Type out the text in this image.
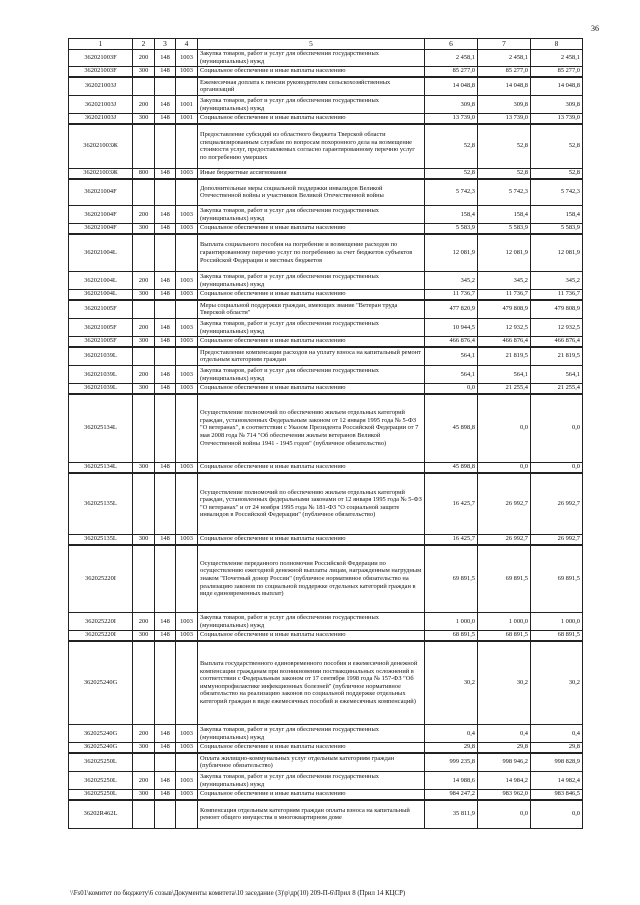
36
1	2	3	4	5	6	7	8
362021003F	200	148	1003	Закупка товаров, работ и услуг для обеспечения государственных (муниципальных) нужд	2 458,1	2 458,1	2 458,1
362021003F	300	148	1003	Социальное обеспечение и иные выплаты населению	85 277,0	85 277,0	85 277,0
362021003J				Ежемесячная доплата к пенсии руководителям сельскохозяйственных организаций	14 048,8	14 048,8	14 048,8
362021003J	200	148	1001	Закупка товаров, работ и услуг для обеспечения государственных (муниципальных) нужд	309,8	309,8	309,8
362021003J	300	148	1001	Социальное обеспечение и иные выплаты населению	13 739,0	13 739,0	13 739,0
362021003Ж				Предоставление субсидий из областного бюджета Тверской области специализированным службам по вопросам похоронного дела на возмещение стоимости услуг, предоставляемых согласно гарантированному перечню услуг по погребению умерших	52,8	52,8	52,8
362021003Ж	800	148	1003	Иные бюджетные ассигнования	52,8	52,8	52,8
362021004F				Дополнительные меры социальной поддержки инвалидов Великой Отечественной войны и участников Великой Отечественной войны	5 742,3	5 742,3	5 742,3
362021004F	200	148	1003	Закупка товаров, работ и услуг для обеспечения государственных (муниципальных) нужд	158,4	158,4	158,4
362021004F	300	148	1003	Социальное обеспечение и иные выплаты населению	5 583,9	5 583,9	5 583,9
362021004L				Выплата социального пособия на погребение и возмещение расходов по гарантированному перечню услуг по погребению за счет бюджетов субъектов Российской Федерации и местных бюджетов	12 081,9	12 081,9	12 081,9
362021004L	200	148	1003	Закупка товаров, работ и услуг для обеспечения государственных (муниципальных) нужд	345,2	345,2	345,2
362021004L	300	148	1003	Социальное обеспечение и иные выплаты населению	11 736,7	11 736,7	11 736,7
362021005F				Меры социальной поддержки граждан, имеющих звание "Ветеран труда Тверской области"	477 820,9	479 808,9	479 808,9
362021005F	200	148	1003	Закупка товаров, работ и услуг для обеспечения государственных (муниципальных) нужд	10 944,5	12 932,5	12 932,5
362021005F	300	148	1003	Социальное обеспечение и иные выплаты населению	466 876,4	466 876,4	466 876,4
362021039L				Предоставление компенсации расходов на уплату взноса на капитальный ремонт отдельным категориям граждан	564,1	21 819,5	21 819,5
362021039L	200	148	1003	Закупка товаров, работ и услуг для обеспечения государственных (муниципальных) нужд	564,1	564,1	564,1
362021039L	300	148	1003	Социальное обеспечение и иные выплаты населению	0,0	21 255,4	21 255,4
362025134L				Осуществление полномочий по обеспечению жильем отдельных категорий граждан, установленных Федеральным законом от 12 января 1995 года № 5-ФЗ "О ветеранах", в соответствии с Указом Президента Российской Федерации от 7 мая 2008 года № 714 "Об обеспечении жильем ветеранов Великой Отечественной войны 1941 - 1945 годов" (публичное обязательство)	45 898,8	0,0	0,0
362025134L	300	148	1003	Социальное обеспечение и иные выплаты населению	45 898,8	0,0	0,0
362025135L				Осуществление полномочий по обеспечению жильем отдельных категорий граждан, установленных федеральными законами от 12 января 1995 года № 5-ФЗ "О ветеранах" и от 24 ноября 1995 года № 181-ФЗ "О социальной защите инвалидов в Российской Федерации" (публичное обязательство)	16 425,7	26 992,7	26 992,7
362025135L	300	148	1003	Социальное обеспечение и иные выплаты населению	16 425,7	26 992,7	26 992,7
362025220I				Осуществление переданного полномочия Российской Федерации по осуществлению ежегодной денежной выплаты лицам, награжденным нагрудным знаком "Почетный донор России" (публичное нормативное обязательство на реализацию законов по социальной поддержке отдельных категорий граждан в виде единовременных выплат)	69 891,5	69 891,5	69 891,5
362025220I	200	148	1003	Закупка товаров, работ и услуг для обеспечения государственных (муниципальных) нужд	1 000,0	1 000,0	1 000,0
362025220I	300	148	1003	Социальное обеспечение и иные выплаты населению	68 891,5	68 891,5	68 891,5
362025240G				Выплата государственного единовременного пособия и ежемесячной денежной компенсации гражданам при возникновении поствакцинальных осложнений в соответствии с Федеральным законом от 17 сентября 1998 года № 157-ФЗ "Об иммунопрофилактике инфекционных болезней" (публичное нормативное обязательство на реализацию законов по социальной поддержке отдельных категорий граждан в виде ежемесячных пособий и ежемесячных компенсаций)	30,2	30,2	30,2
362025240G	200	148	1003	Закупка товаров, работ и услуг для обеспечения государственных (муниципальных) нужд	0,4	0,4	0,4
362025240G	300	148	1003	Социальное обеспечение и иные выплаты населению	29,8	29,8	29,8
362025250L				Оплата жилищно-коммунальных услуг отдельным категориям граждан (публичное обязательство)	999 235,8	998 946,2	998 828,9
362025250L	200	148	1003	Закупка товаров, работ и услуг для обеспечения государственных (муниципальных) нужд	14 988,6	14 984,2	14 982,4
362025250L	300	148	1003	Социальное обеспечение и иные выплаты населению	984 247,2	983 962,0	983 846,5
36202R462L				Компенсация отдельным категориям граждан оплаты взноса на капитальный ремонт общего имущества в многоквартирном доме	35 811,9	0,0	0,0
\\Fs01\комитет по бюджету\6 созыв\Документы комитета\10 заседание (3)\р\др(10) 209-П-6\Прил 8 (Прил 14 КЦСР)
